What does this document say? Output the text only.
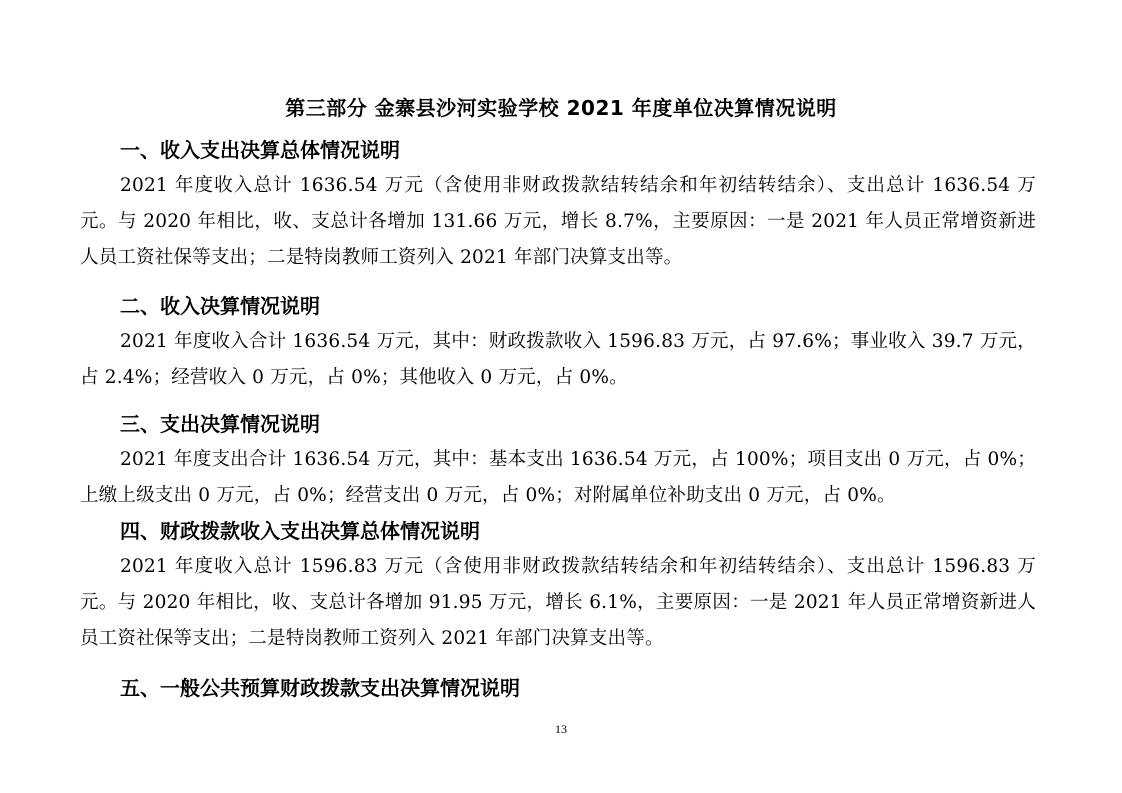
第三部分 金寨县沙河实验学校 2021 年度单位决算情况说明
一、收入支出决算总体情况说明

2021 年度收入总计 1636.54 万元（含使用非财政拨款结转结余和年初结转结余）、支出总计 1636.54 万元。与 2020 年相比，收、支总计各增加 131.66 万元，增长 8.7%，主要原因：一是 2021 年人员正常增资新进人员工资社保等支出；二是特岗教师工资列入 2021 年部门决算支出等。

二、收入决算情况说明

2021 年度收入合计 1636.54 万元，其中：财政拨款收入 1596.83 万元，占 97.6%；事业收入 39.7 万元，占 2.4%；经营收入 0 万元，占 0%；其他收入 0 万元，占 0%。

三、支出决算情况说明

2021 年度支出合计 1636.54 万元，其中：基本支出 1636.54 万元，占 100%；项目支出 0 万元，占 0%；上缴上级支出 0 万元，占 0%；经营支出 0 万元，占 0%；对附属单位补助支出 0 万元，占 0%。

四、财政拨款收入支出决算总体情况说明

2021 年度收入总计 1596.83 万元（含使用非财政拨款结转结余和年初结转结余）、支出总计 1596.83 万元。与 2020 年相比，收、支总计各增加 91.95 万元，增长 6.1%，主要原因：一是 2021 年人员正常增资新进人员工资社保等支出；二是特岗教师工资列入 2021 年部门决算支出等。

五、一般公共预算财政拨款支出决算情况说明
13
